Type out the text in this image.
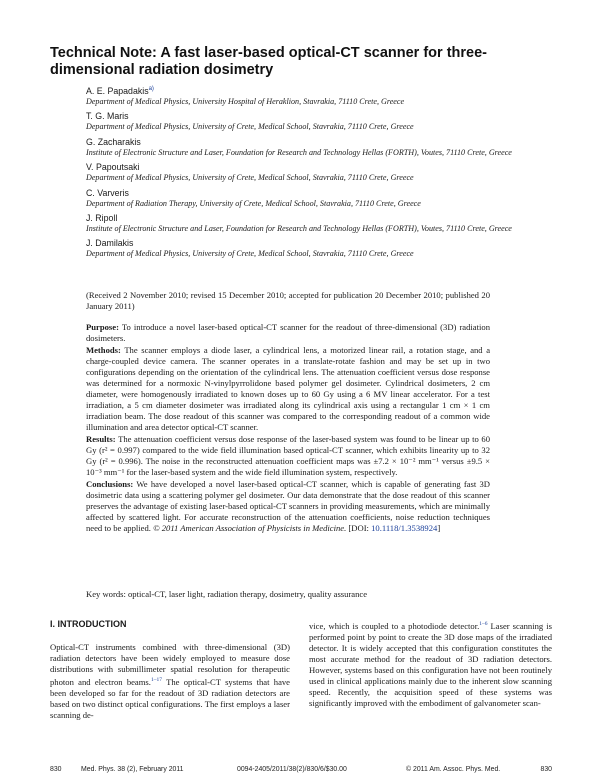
Technical Note: A fast laser-based optical-CT scanner for three-dimensional radiation dosimetry
A. E. Papadakis$^{a)}$
Department of Medical Physics, University Hospital of Heraklion, Stavrakia, 71110 Crete, Greece
T. G. Maris
Department of Medical Physics, University of Crete, Medical School, Stavrakia, 71110 Crete, Greece
G. Zacharakis
Institute of Electronic Structure and Laser, Foundation for Research and Technology Hellas (FORTH), Voutes, 71110 Crete, Greece
V. Papoutsaki
Department of Medical Physics, University of Crete, Medical School, Stavrakia, 71110 Crete, Greece
C. Varveris
Department of Radiation Therapy, University of Crete, Medical School, Stavrakia, 71110 Crete, Greece
J. Ripoll
Institute of Electronic Structure and Laser, Foundation for Research and Technology Hellas (FORTH), Voutes, 71110 Crete, Greece
J. Damilakis
Department of Medical Physics, University of Crete, Medical School, Stavrakia, 71110 Crete, Greece
(Received 2 November 2010; revised 15 December 2010; accepted for publication 20 December 2010; published 20 January 2011)

Purpose: To introduce a novel laser-based optical-CT scanner for the readout of three-dimensional (3D) radiation dosimeters.

Methods: The scanner employs a diode laser, a cylindrical lens, a motorized linear rail, a rotation stage, and a charge-coupled device camera. The scanner operates in a translate-rotate fashion and may be set up in two configurations depending on the orientation of the cylindrical lens. The attenuation coefficient versus dose response was determined for a normoxic N-vinylpyrrolidone based polymer gel dosimeter. Cylindrical dosimeters, 2 cm diameter, were homogenously irradiated to known doses up to 60 Gy using a 6 MV linear accelerator. For a test irradiation, a 5 cm diameter dosimeter was irradiated along its cylindrical axis using a rectangular 1 cm × 1 cm irradiation beam. The dose readout of this scanner was compared to the corresponding readout of a common wide illumination and area detector optical-CT scanner.

Results: The attenuation coefficient versus dose response of the laser-based system was found to be linear up to 60 Gy (r² = 0.997) compared to the wide field illumination based optical-CT scanner, which exhibits linearity up to 32 Gy (r² = 0.996). The noise in the reconstructed attenuation coefficient maps was ±7.2 × 10⁻² mm⁻¹ versus ±9.5 × 10⁻³ mm⁻¹ for the laser-based system and the wide field illumination system, respectively.

Conclusions: We have developed a novel laser-based optical-CT scanner, which is capable of generating fast 3D dosimetric data using a scattering polymer gel dosimeter. Our data demonstrate that the dose readout of this scanner preserves the advantage of existing laser-based optical-CT scanners in providing measurements, which are minimally affected by scattered light. For accurate reconstruction of the attenuation coefficients, noise reduction techniques need to be applied. © 2011 American Association of Physicists in Medicine. [DOI: 10.1118/1.3538924]

Key words: optical-CT, laser light, radiation therapy, dosimetry, quality assurance
I. INTRODUCTION

Optical-CT instruments combined with three-dimensional (3D) radiation detectors have been widely employed to measure dose distributions with submillimeter spatial resolution for therapeutic photon and electron beams.$^{1-17}$ The optical-CT systems that have been developed so far for the readout of 3D radiation detectors are based on two distinct optical configurations. The first employs a laser scanning de-

vice, which is coupled to a photodiode detector.$^{1-6}$ Laser scanning is performed point by point to create the 3D dose maps of the irradiated detector. It is widely accepted that this configuration constitutes the most accurate method for the readout of 3D radiation detectors. However, systems based on this configuration have not been routinely used in clinical applications mainly due to the inherent slow scanning speed. Recently, the acquisition speed of these systems was significantly improved with the embodiment of galvanometer scan-

830	Med. Phys. 38 (2), February 2011	0094-2405/2011/38(2)/830/6/$30.00	© 2011 Am. Assoc. Phys. Med.	830
